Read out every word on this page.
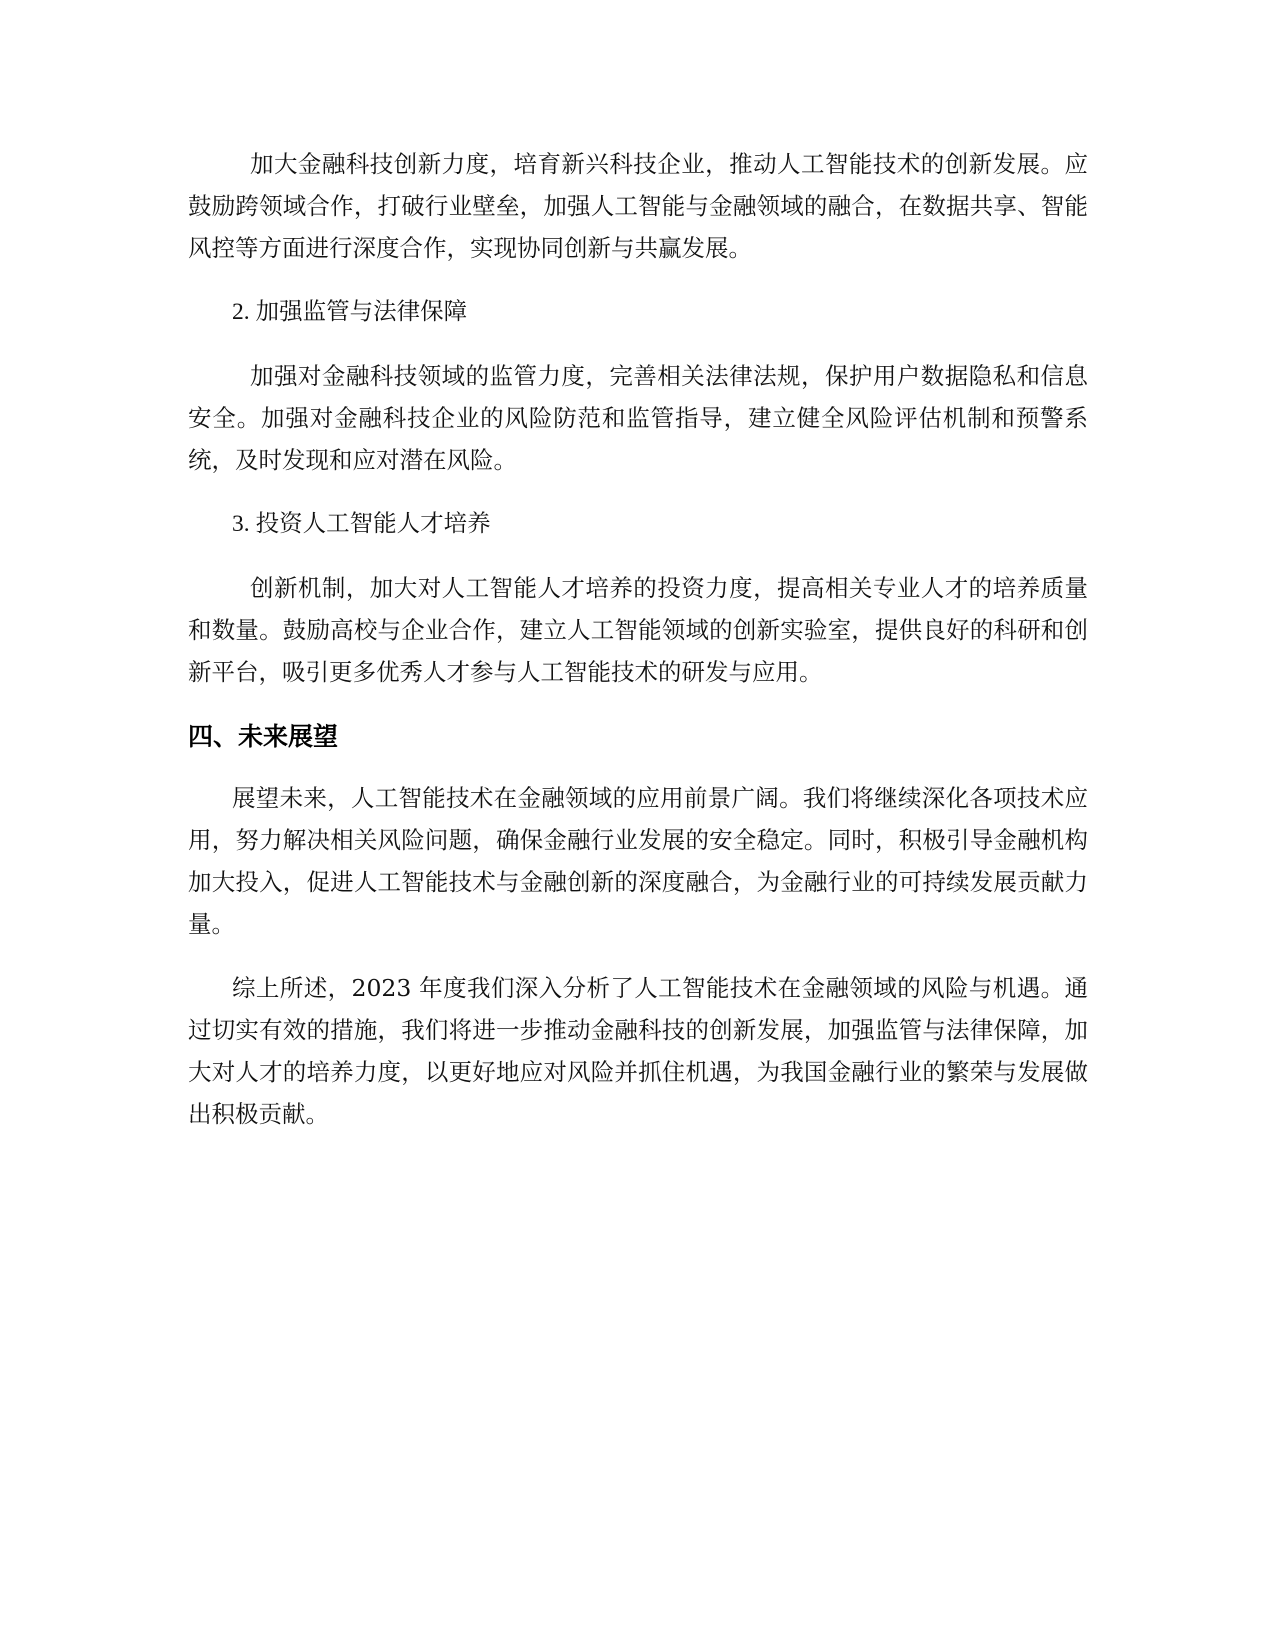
加大金融科技创新力度，培育新兴科技企业，推动人工智能技术的创新发展。应鼓励跨领域合作，打破行业壁垒，加强人工智能与金融领域的融合，在数据共享、智能风控等方面进行深度合作，实现协同创新与共赢发展。

2. 加强监管与法律保障

加强对金融科技领域的监管力度，完善相关法律法规，保护用户数据隐私和信息安全。加强对金融科技企业的风险防范和监管指导，建立健全风险评估机制和预警系统，及时发现和应对潜在风险。

3. 投资人工智能人才培养

创新机制，加大对人工智能人才培养的投资力度，提高相关专业人才的培养质量和数量。鼓励高校与企业合作，建立人工智能领域的创新实验室，提供良好的科研和创新平台，吸引更多优秀人才参与人工智能技术的研发与应用。

四、未来展望

展望未来，人工智能技术在金融领域的应用前景广阔。我们将继续深化各项技术应用，努力解决相关风险问题，确保金融行业发展的安全稳定。同时，积极引导金融机构加大投入，促进人工智能技术与金融创新的深度融合，为金融行业的可持续发展贡献力量。

综上所述，2023 年度我们深入分析了人工智能技术在金融领域的风险与机遇。通过切实有效的措施，我们将进一步推动金融科技的创新发展，加强监管与法律保障，加大对人才的培养力度，以更好地应对风险并抓住机遇，为我国金融行业的繁荣与发展做出积极贡献。
